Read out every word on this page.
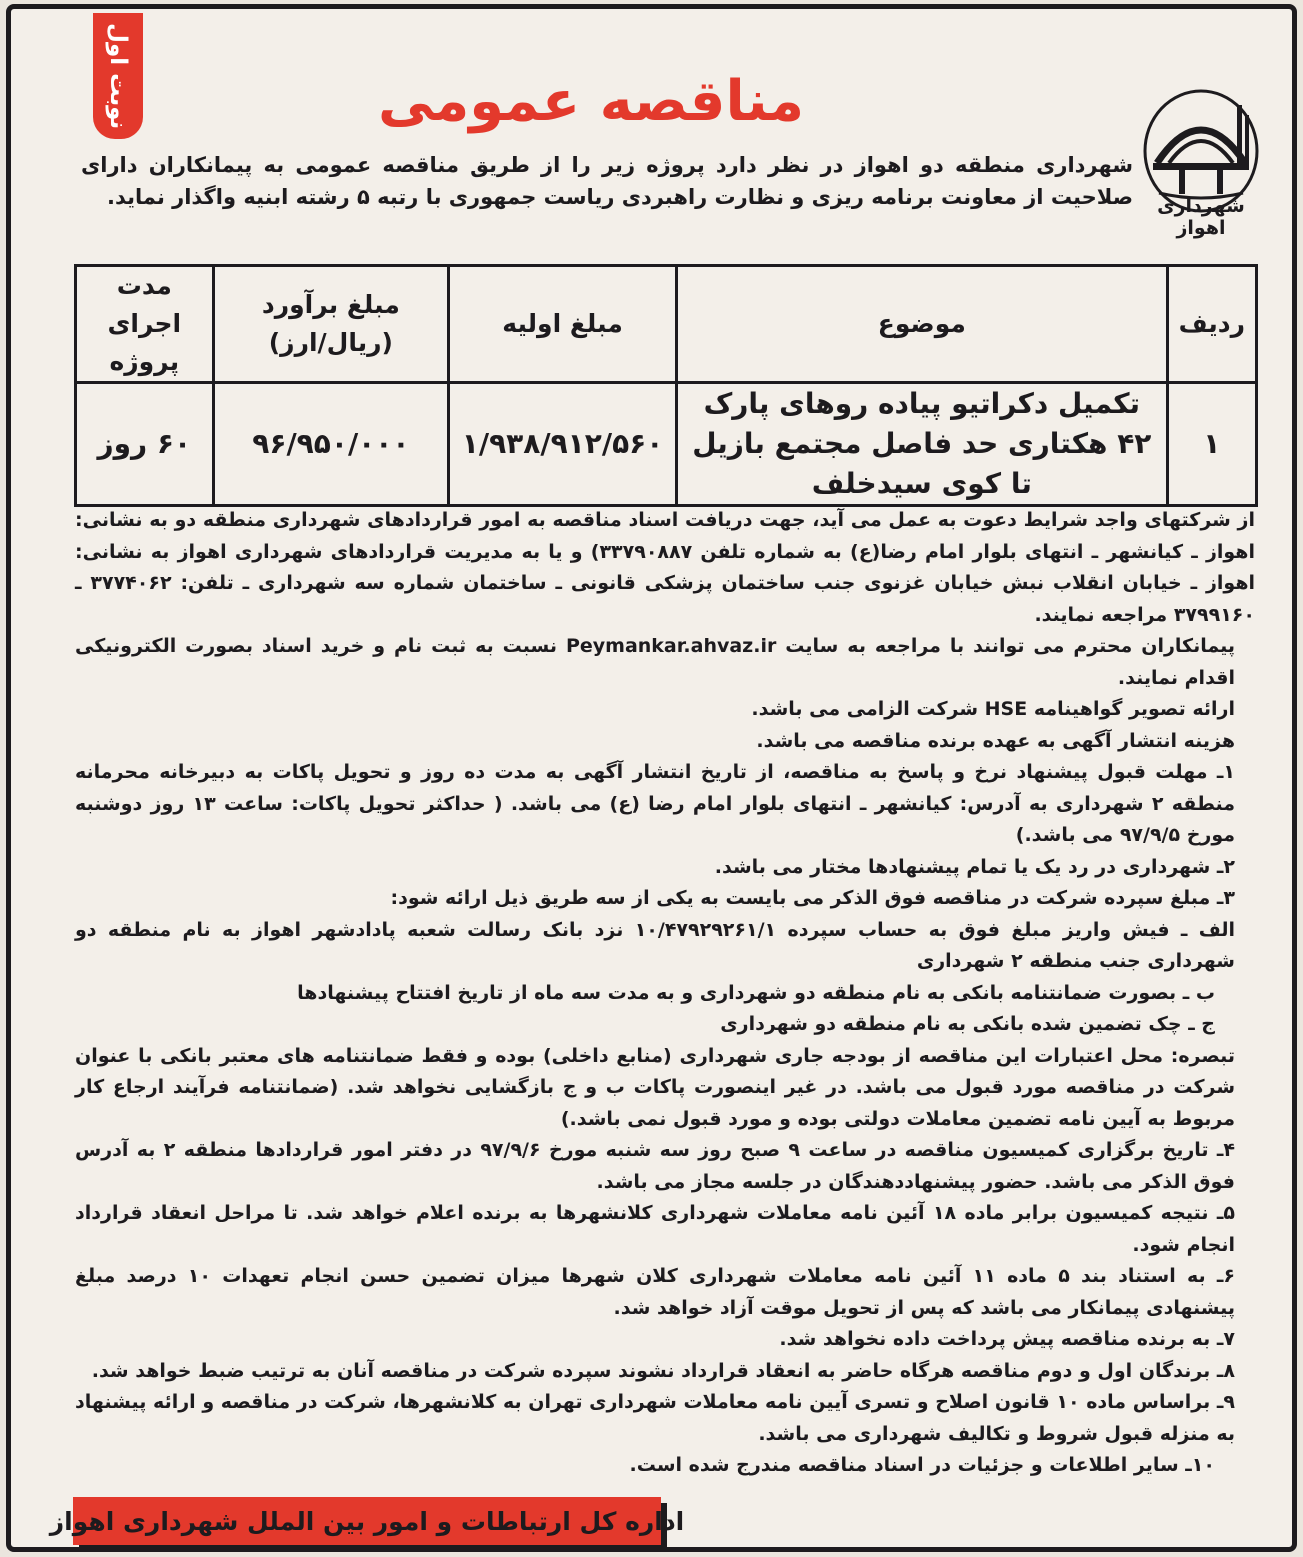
نوبت اول	مناقصه عمومی
شهرداری اهواز

شهرداری منطقه دو اهواز در نظر دارد پروژه زیر را از طریق مناقصه عمومی به پیمانکاران دارای صلاحیت از معاونت برنامه ریزی و نظارت راهبردی ریاست جمهوری با رتبه ۵ رشته ابنیه واگذار نماید.

ردیف	موضوع	مبلغ اولیه	مبلغ برآورد (ریال/ارز)	مدت اجرای پروژه
۱	تکمیل دکراتیو پیاده روهای پارک ۴۲ هکتاری حد فاصل مجتمع بازیل تا کوی سیدخلف	۱/۹۳۸/۹۱۲/۵۶۰	۹۶/۹۵۰/۰۰۰	۶۰ روز

از شرکتهای واجد شرایط دعوت به عمل می آید، جهت دریافت اسناد مناقصه به امور قراردادهای شهرداری منطقه دو به نشانی: اهواز ـ کیانشهر ـ انتهای بلوار امام رضا(ع) به شماره تلفن ۳۳۷۹۰۸۸۷) و یا به مدیریت قراردادهای شهرداری اهواز به نشانی: اهواز ـ خیابان انقلاب نبش خیابان غزنوی جنب ساختمان پزشکی قانونی ـ ساختمان شماره سه شهرداری ـ تلفن: ۳۷۷۴۰۶۲ ـ ۳۷۹۹۱۶۰ مراجعه نمایند.

پیمانکاران محترم می توانند با مراجعه به سایت Peymankar.ahvaz.ir نسبت به ثبت نام و خرید اسناد بصورت الکترونیکی اقدام نمایند.

ارائه تصویر گواهینامه HSE شرکت الزامی می باشد.

هزینه انتشار آگهی به عهده برنده مناقصه می باشد.

۱ـ مهلت قبول پیشنهاد نرخ و پاسخ به مناقصه، از تاریخ انتشار آگهی به مدت ده روز و تحویل پاکات به دبیرخانه محرمانه منطقه ۲ شهرداری به آدرس: کیانشهر ـ انتهای بلوار امام رضا (ع) می باشد. ( حداکثر تحویل پاکات: ساعت ۱۳ روز دوشنبه مورخ ۹۷/۹/۵ می باشد.)

۲ـ شهرداری در رد یک یا تمام پیشنهادها مختار می باشد.

۳ـ مبلغ سپرده شرکت در مناقصه فوق الذکر می بایست به یکی از سه طریق ذیل ارائه شود:

الف ـ فیش واریز مبلغ فوق به حساب سپرده ۱۰/۴۷۹۲۹۲۶۱/۱ نزد بانک رسالت شعبه پادادشهر اهواز به نام منطقه دو شهرداری جنب منطقه ۲ شهرداری

ب ـ بصورت ضمانتنامه بانکی به نام منطقه دو شهرداری و به مدت سه ماه از تاریخ افتتاح پیشنهادها

ج ـ چک تضمین شده بانکی به نام منطقه دو شهرداری

تبصره: محل اعتبارات این مناقصه از بودجه جاری شهرداری (منابع داخلی) بوده و فقط ضمانتنامه های معتبر بانکی با عنوان شرکت در مناقصه مورد قبول می باشد. در غیر اینصورت پاکات ب و ج بازگشایی نخواهد شد. (ضمانتنامه فرآیند ارجاع کار مربوط به آیین نامه تضمین معاملات دولتی بوده و مورد قبول نمی باشد.)

۴ـ تاریخ برگزاری کمیسیون مناقصه در ساعت ۹ صبح روز سه شنبه مورخ ۹۷/۹/۶ در دفتر امور قراردادها منطقه ۲ به آدرس فوق الذکر می باشد. حضور پیشنهاددهندگان در جلسه مجاز می باشد.

۵ـ نتیجه کمیسیون برابر ماده ۱۸ آئین نامه معاملات شهرداری کلانشهرها به برنده اعلام خواهد شد. تا مراحل انعقاد قرارداد انجام شود.

۶ـ به استناد بند ۵ ماده ۱۱ آئین نامه معاملات شهرداری کلان شهرها میزان تضمین حسن انجام تعهدات ۱۰ درصد مبلغ پیشنهادی پیمانکار می باشد که پس از تحویل موقت آزاد خواهد شد.

۷ـ به برنده مناقصه پیش پرداخت داده نخواهد شد.

۸ـ برندگان اول و دوم مناقصه هرگاه حاضر به انعقاد قرارداد نشوند سپرده شرکت در مناقصه آنان به ترتیب ضبط خواهد شد.

۹ـ براساس ماده ۱۰ قانون اصلاح و تسری آیین نامه معاملات شهرداری تهران به کلانشهرها، شرکت در مناقصه و ارائه پیشنهاد به منزله قبول شروط و تکالیف شهرداری می باشد.

۱۰ـ سایر اطلاعات و جزئیات در اسناد مناقصه مندرج شده است.

اداره کل ارتباطات و امور بین الملل شهرداری اهواز
